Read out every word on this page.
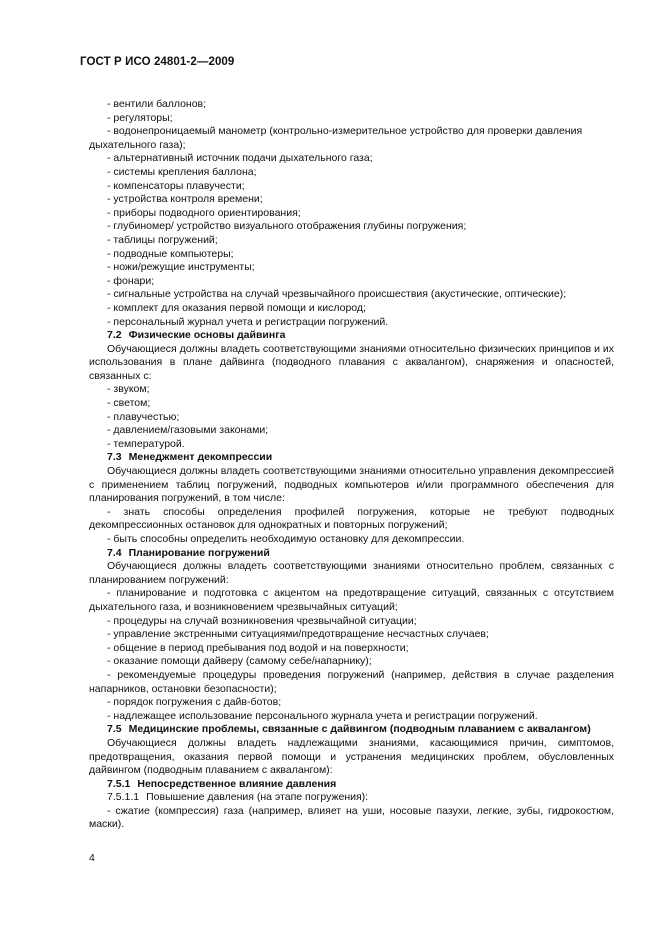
ГОСТ Р ИСО 24801-2—2009

- вентили баллонов;

- регуляторы;

- водонепроницаемый манометр (контрольно-измерительное устройство для проверки давления дыхательного газа);

- альтернативный источник подачи дыхательного газа;

- системы крепления баллона;

- компенсаторы плавучести;

- устройства контроля времени;

- приборы подводного ориентирования;

- глубиномер/ устройство визуального отображения глубины погружения;

- таблицы погружений;

- подводные компьютеры;

- ножи/режущие инструменты;

- фонари;

- сигнальные устройства на случай чрезвычайного происшествия (акустические, оптические);

- комплект для оказания первой помощи и кислород;

- персональный журнал учета и регистрации погружений.

7.2 Физические основы дайвинга

Обучающиеся должны владеть соответствующими знаниями относительно физических принципов и их использования в плане дайвинга (подводного плавания с аквалангом), снаряжения и опасностей, связанных с:

- звуком;

- светом;

- плавучестью;

- давлением/газовыми законами;

- температурой.

7.3 Менеджмент декомпрессии

Обучающиеся должны владеть соответствующими знаниями относительно управления декомпрессией с применением таблиц погружений, подводных компьютеров и/или программного обеспечения для планирования погружений, в том числе:

- знать способы определения профилей погружения, которые не требуют подводных декомпрессионных остановок для однократных и повторных погружений;

- быть способны определить необходимую остановку для декомпрессии.

7.4 Планирование погружений

Обучающиеся должны владеть соответствующими знаниями относительно проблем, связанных с планированием погружений:

- планирование и подготовка с акцентом на предотвращение ситуаций, связанных с отсутствием дыхательного газа, и возникновением чрезвычайных ситуаций;

- процедуры на случай возникновения чрезвычайной ситуации;

- управление экстренными ситуациями/предотвращение несчастных случаев;

- общение в период пребывания под водой и на поверхности;

- оказание помощи дайверу (самому себе/напарнику);

- рекомендуемые процедуры проведения погружений (например, действия в случае разделения напарников, остановки безопасности);

- порядок погружения с дайв-ботов;

- надлежащее использование персонального журнала учета и регистрации погружений.

7.5 Медицинские проблемы, связанные с дайвингом (подводным плаванием с аквалангом)

Обучающиеся должны владеть надлежащими знаниями, касающимися причин, симптомов, предотвращения, оказания первой помощи и устранения медицинских проблем, обусловленных дайвингом (подводным плаванием с аквалангом):

7.5.1 Непосредственное влияние давления

7.5.1.1 Повышение давления (на этапе погружения):

- сжатие (компрессия) газа (например, влияет на уши, носовые пазухи, легкие, зубы, гидрокостюм, маски).

4
